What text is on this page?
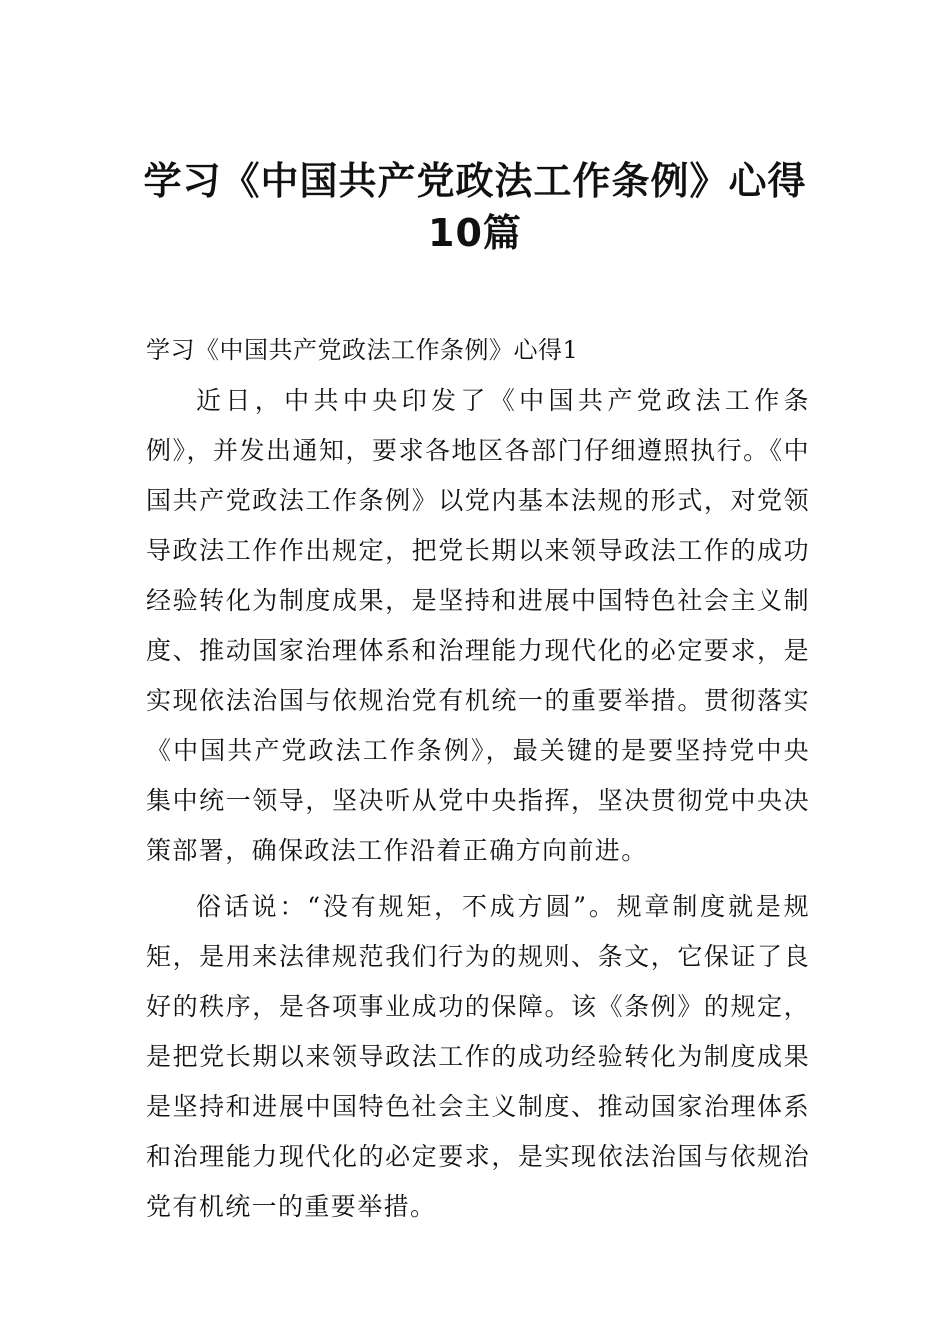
学习《中国共产党政法工作条例》心得10篇
学习《中国共产党政法工作条例》心得1

近日，中共中央印发了《中国共产党政法工作条例》，并发出通知，要求各地区各部门仔细遵照执行。《中国共产党政法工作条例》以党内基本法规的形式，对党领导政法工作作出规定，把党长期以来领导政法工作的成功经验转化为制度成果，是坚持和进展中国特色社会主义制度、推动国家治理体系和治理能力现代化的必定要求，是实现依法治国与依规治党有机统一的重要举措。贯彻落实《中国共产党政法工作条例》，最关键的是要坚持党中央集中统一领导，坚决听从党中央指挥，坚决贯彻党中央决策部署，确保政法工作沿着正确方向前进。

俗话说：“没有规矩，不成方圆”。规章制度就是规矩，是用来法律规范我们行为的规则、条文，它保证了良好的秩序，是各项事业成功的保障。该《条例》的规定，是把党长期以来领导政法工作的成功经验转化为制度成果是坚持和进展中国特色社会主义制度、推动国家治理体系和治理能力现代化的必定要求，是实现依法治国与依规治党有机统一的重要举措。
